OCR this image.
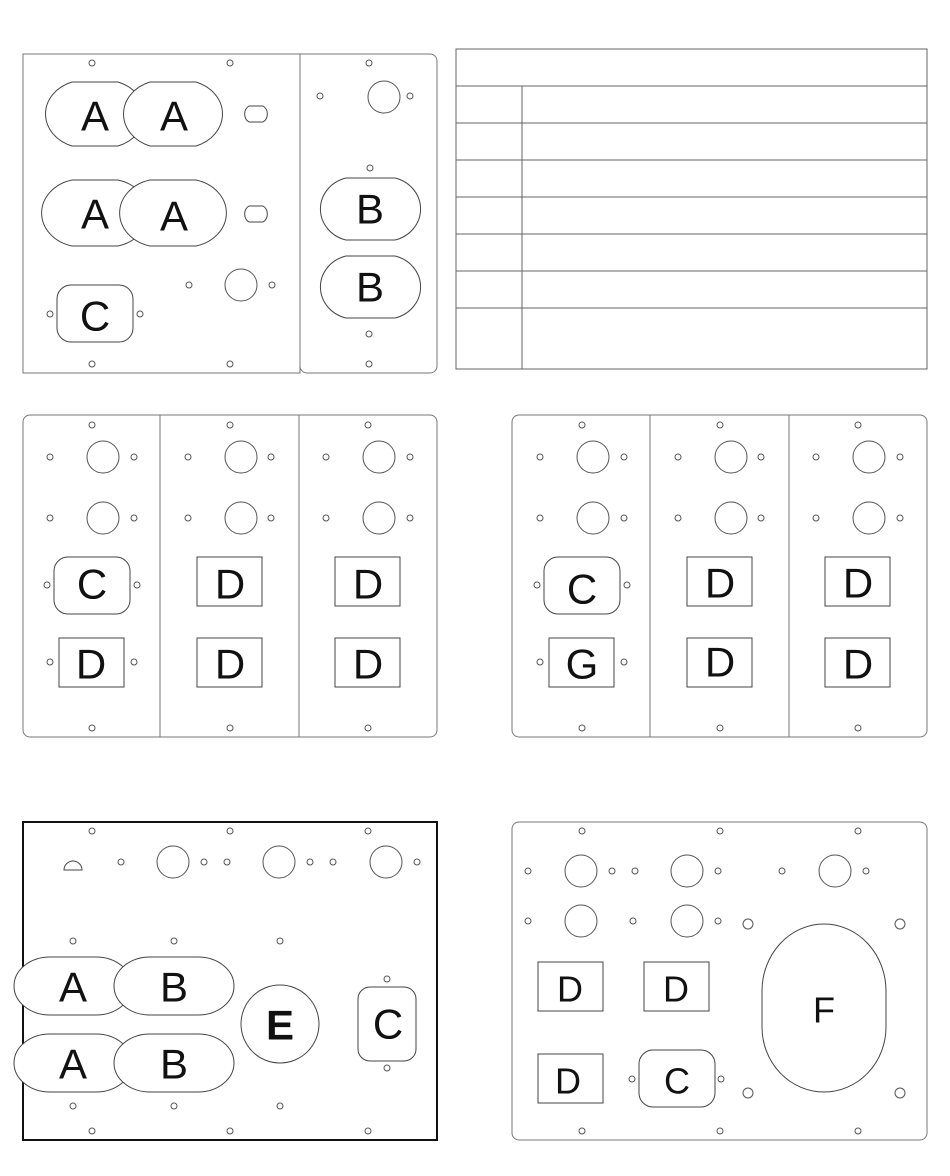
A A
A A
C
B
B
C
D
D
D
D
D
C
G
D
D
D
D
A
A
B
B
E C
D D
D C
F
